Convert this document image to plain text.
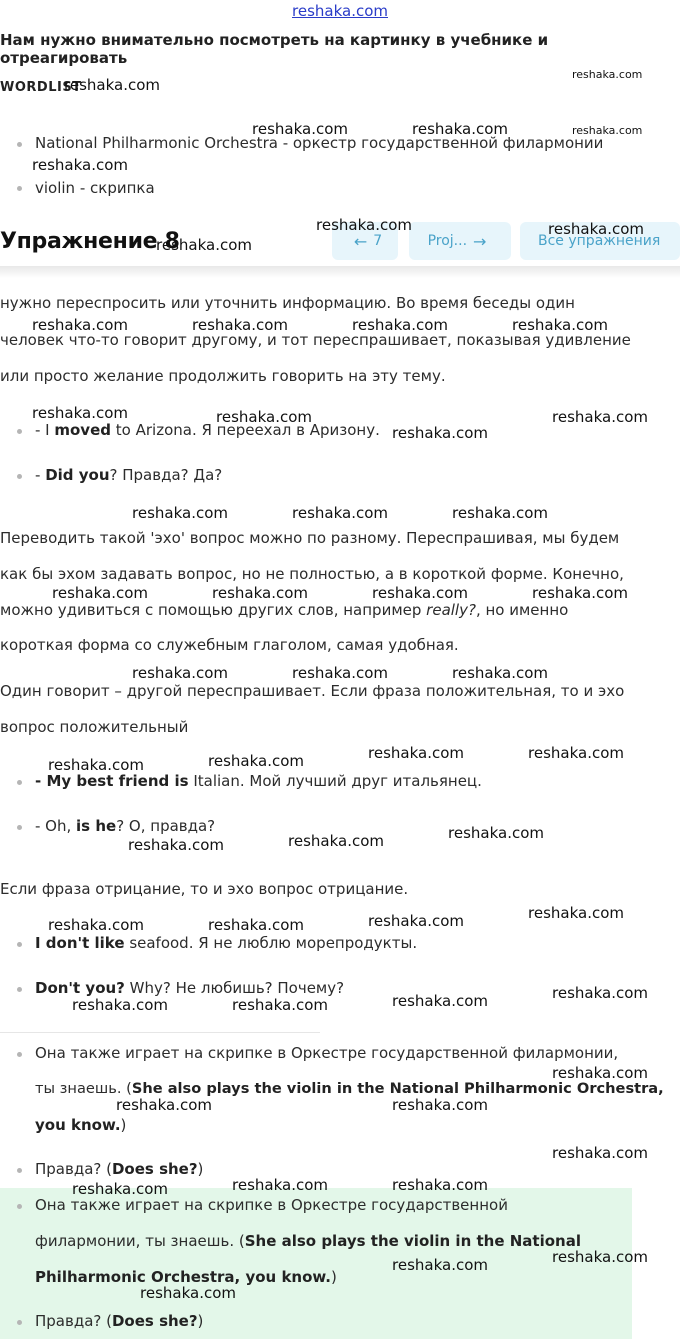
reshaka.com
Нам нужно внимательно посмотреть на картинку в учебнике и отреагировать
WORDLIST
National Philharmonic Orchestra - оркестр государственной филармонии
violin - скрипка
Упражнение 8	← 7	Proj... →	Все упражнения
нужно переспросить или уточнить информацию. Во время беседы один
человек что-то говорит другому, и тот переспрашивает, показывая удивление
или просто желание продолжить говорить на эту тему.
- I moved to Arizona. Я переехал в Аризону.
- Did you? Правда? Да?
Переводить такой 'эхо' вопрос можно по разному. Переспрашивая, мы будем
как бы эхом задавать вопрос, но не полностью, а в короткой форме. Конечно,
можно удивиться с помощью других слов, например really?, но именно
короткая форма со служебным глаголом, самая удобная.
Один говорит – другой переспрашивает. Если фраза положительная, то и эхо
вопрос положительный
- My best friend is Italian. Мой лучший друг итальянец.
- Oh, is he? О, правда?
Если фраза отрицание, то и эхо вопрос отрицание.
I don't like seafood. Я не люблю морепродукты.
Don't you? Why? Не любишь? Почему?
Она также играет на скрипке в Оркестре государственной филармонии,
ты знаешь. (She also plays the violin in the National Philharmonic Orchestra,
you know.)
Правда? (Does she?)
Она также играет на скрипке в Оркестре государственной
филармонии, ты знаешь. (She also plays the violin in the National
Philharmonic Orchestra, you know.)
Правда? (Does she?)
reshaka.com
reshaka.com
reshaka.com	reshaka.com	reshaka.com
reshaka.com
reshaka.com	reshaka.com
reshaka.com
reshaka.com	reshaka.com	reshaka.com	reshaka.com
reshaka.com	reshaka.com	reshaka.com
reshaka.com
reshaka.com	reshaka.com	reshaka.com
reshaka.com	reshaka.com	reshaka.com	reshaka.com
reshaka.com	reshaka.com	reshaka.com
reshaka.com	reshaka.com
reshaka.com	reshaka.com
reshaka.com
reshaka.com
reshaka.com
reshaka.com
reshaka.com
reshaka.com	reshaka.com
reshaka.com
reshaka.com
reshaka.com	reshaka.com
reshaka.com
reshaka.com	reshaka.com
reshaka.com
reshaka.com	reshaka.com
reshaka.com
reshaka.com
reshaka.com
reshaka.com
